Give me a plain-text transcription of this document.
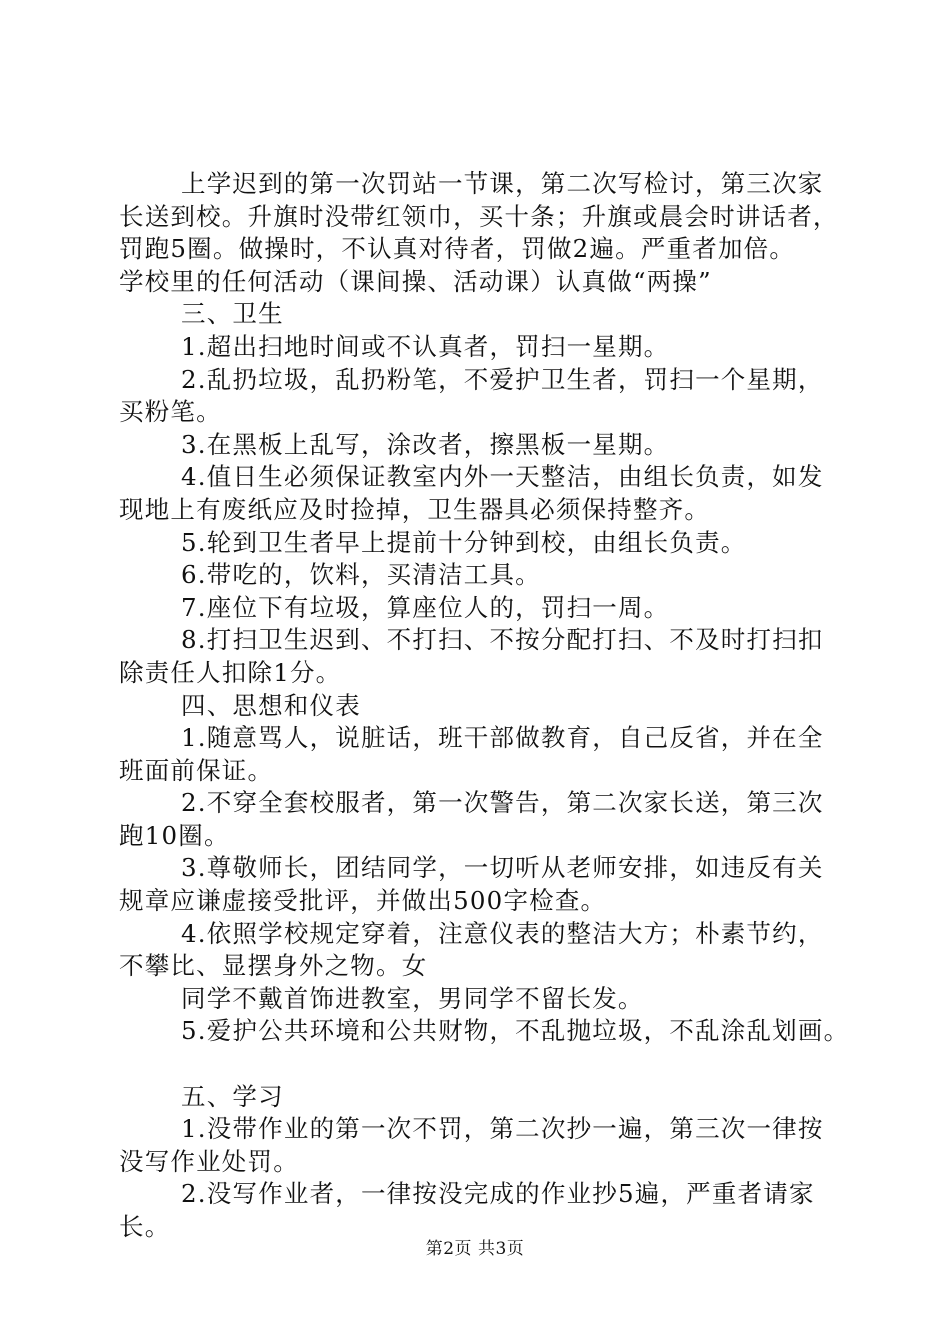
上学迟到的第一次罚站一节课，第二次写检讨，第三次家

长送到校。升旗时没带红领巾，买十条；升旗或晨会时讲话者，

罚跑5圈。做操时，不认真对待者，罚做2遍。严重者加倍。

学校里的任何活动（课间操、活动课）认真做“两操”

三、卫生

1.超出扫地时间或不认真者，罚扫一星期。

2.乱扔垃圾，乱扔粉笔，不爱护卫生者，罚扫一个星期，

买粉笔。

3.在黑板上乱写，涂改者，擦黑板一星期。

4.值日生必须保证教室内外一天整洁，由组长负责，如发

现地上有废纸应及时捡掉，卫生器具必须保持整齐。

5.轮到卫生者早上提前十分钟到校，由组长负责。

6.带吃的，饮料，买清洁工具。

7.座位下有垃圾，算座位人的，罚扫一周。

8.打扫卫生迟到、不打扫、不按分配打扫、不及时打扫扣

除责任人扣除1分。

四、思想和仪表

1.随意骂人，说脏话，班干部做教育，自己反省，并在全

班面前保证。

2.不穿全套校服者，第一次警告，第二次家长送，第三次

跑10圈。

3.尊敬师长，团结同学，一切听从老师安排，如违反有关

规章应谦虚接受批评，并做出500字检查。

4.依照学校规定穿着，注意仪表的整洁大方；朴素节约，

不攀比、显摆身外之物。女

同学不戴首饰进教室，男同学不留长发。

5.爱护公共环境和公共财物，不乱抛垃圾，不乱涂乱划画。

五、学习

1.没带作业的第一次不罚，第二次抄一遍，第三次一律按

没写作业处罚。

2.没写作业者，一律按没完成的作业抄5遍，严重者请家

长。

第2页 共3页
